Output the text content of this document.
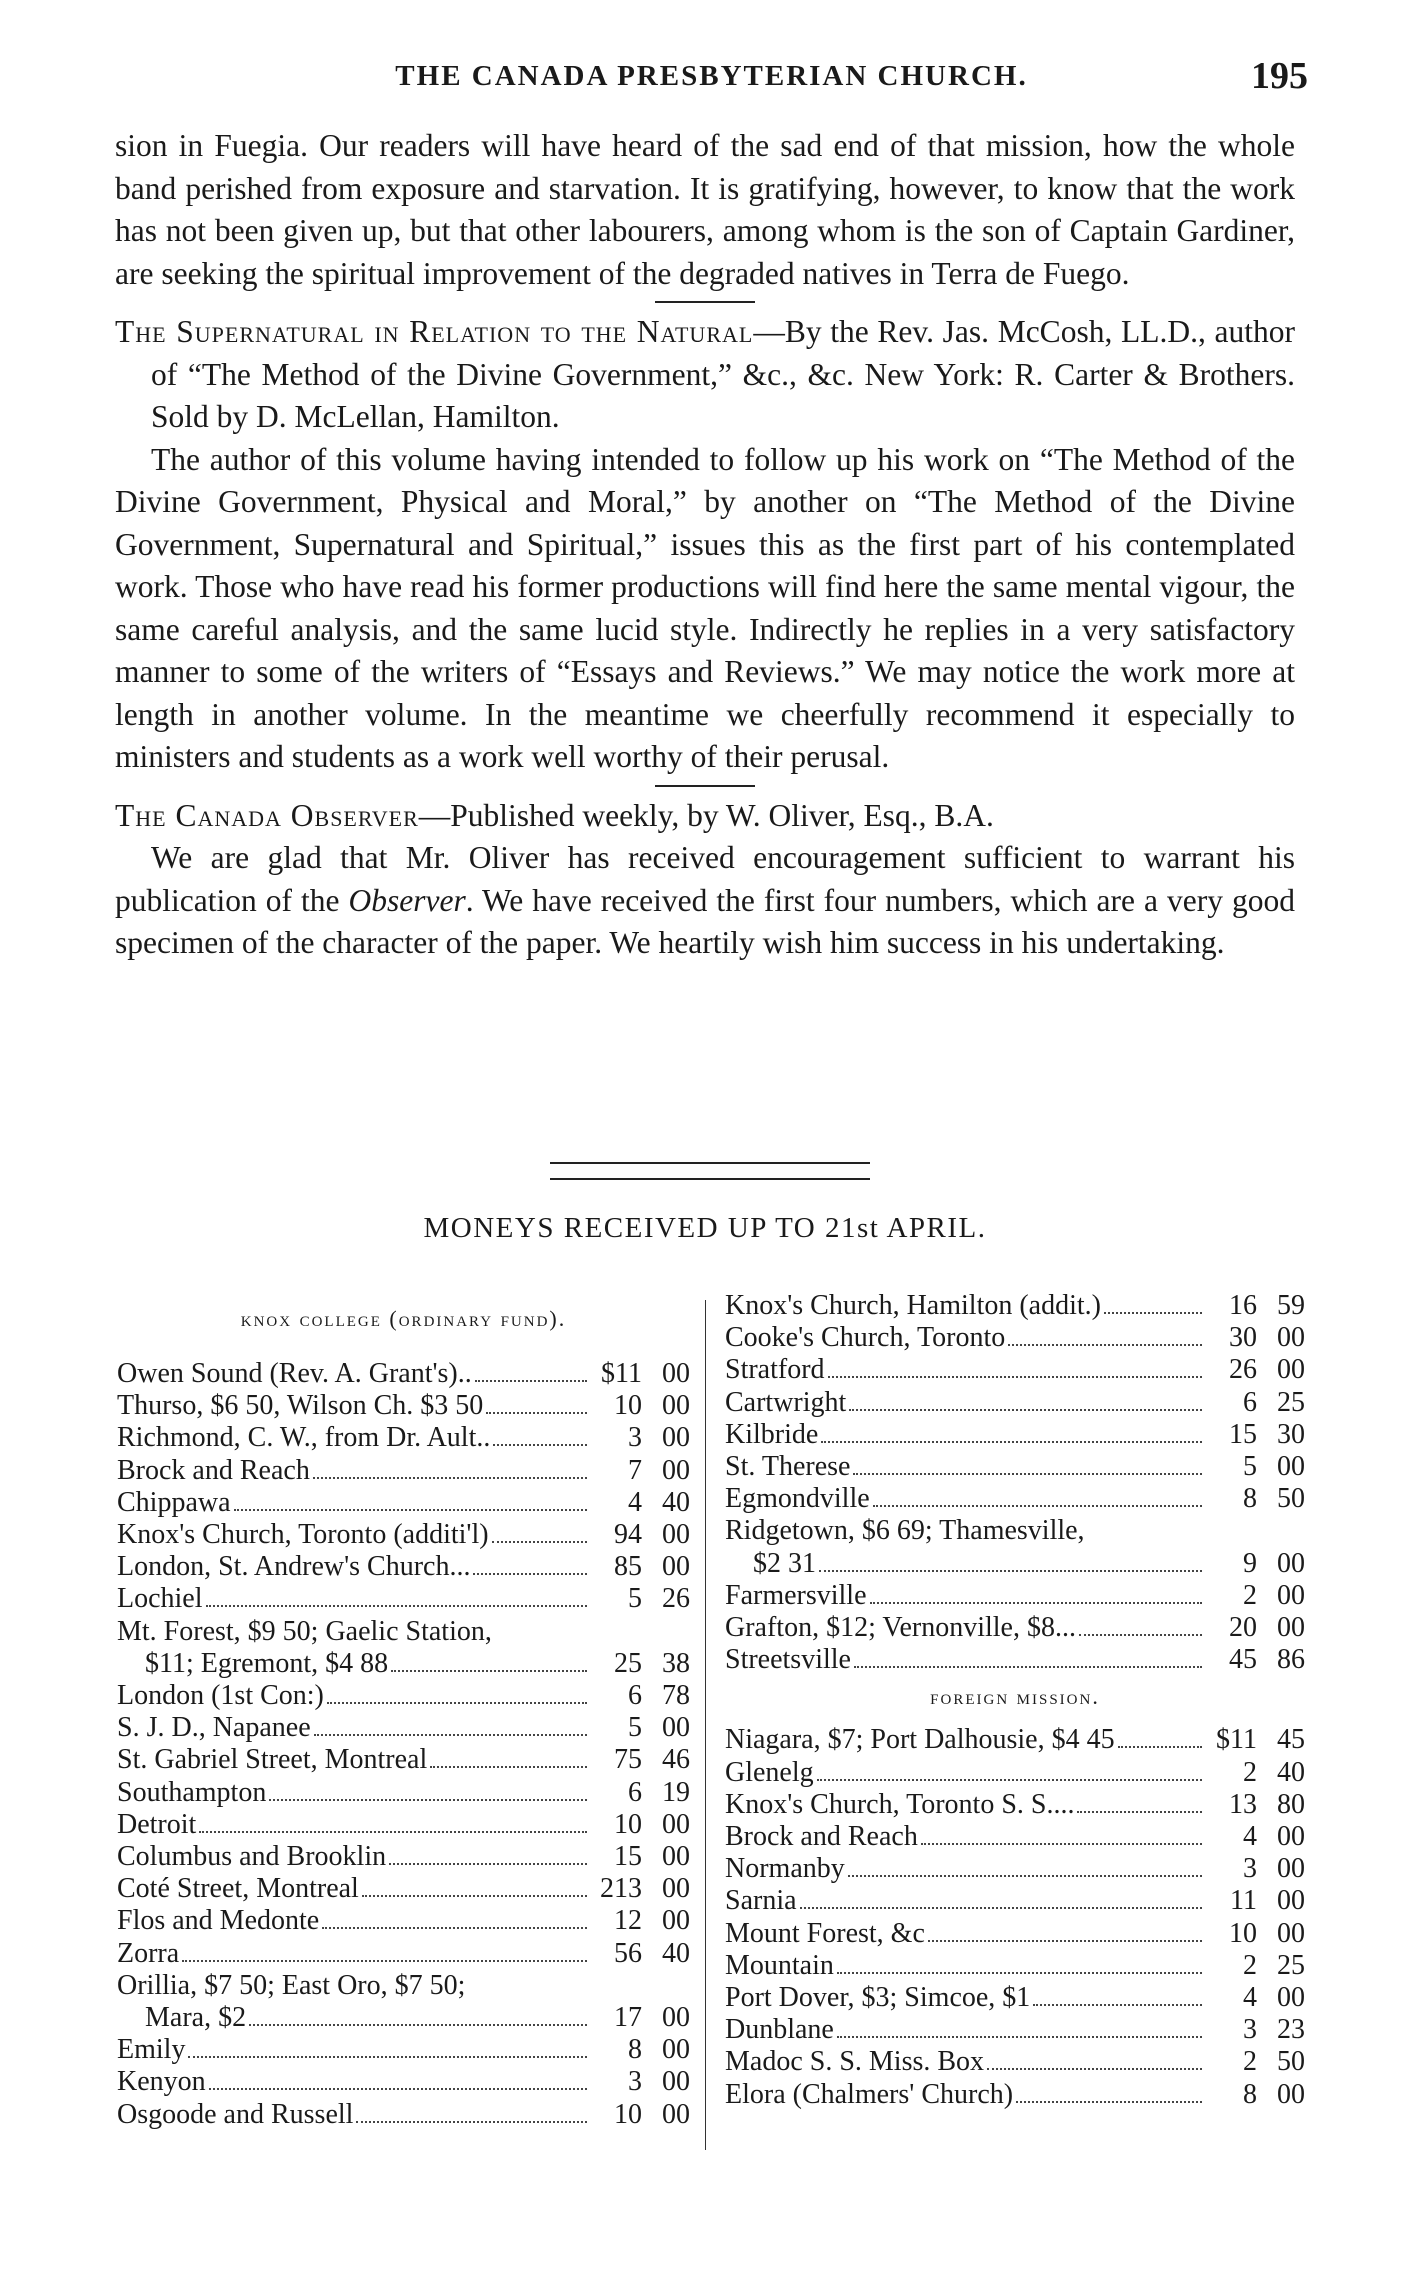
THE CANADA PRESBYTERIAN CHURCH.	195

sion in Fuegia. Our readers will have heard of the sad end of that mission, how the whole band perished from exposure and starvation. It is gratifying, however, to know that the work has not been given up, but that other labourers, among whom is the son of Captain Gardiner, are seeking the spiritual improvement of the degraded natives in Terra de Fuego.

The Supernatural in Relation to the Natural—By the Rev. Jas. McCosh, LL.D., author of “The Method of the Divine Government,” &c., &c. New York: R. Carter & Brothers. Sold by D. McLellan, Hamilton.

The author of this volume having intended to follow up his work on “The Method of the Divine Government, Physical and Moral,” by another on “The Method of the Divine Government, Supernatural and Spiritual,” issues this as the first part of his contemplated work. Those who have read his former productions will find here the same mental vigour, the same careful analysis, and the same lucid style. Indirectly he replies in a very satisfactory manner to some of the writers of “Essays and Reviews.” We may notice the work more at length in another volume. In the meantime we cheerfully recommend it especially to ministers and students as a work well worthy of their perusal.

The Canada Observer—Published weekly, by W. Oliver, Esq., B.A.

We are glad that Mr. Oliver has received encouragement sufficient to warrant his publication of the Observer. We have received the first four numbers, which are a very good specimen of the character of the paper. We heartily wish him success in his undertaking.

MONEYS RECEIVED UP TO 21st APRIL.
knox college (ordinary fund).
Owen Sound (Rev. A. Grant's)..	$11 00
Thurso, $6 50, Wilson Ch. $3 50	10 00
Richmond, C. W., from Dr. Ault..	3 00
Brock and Reach	7 00
Chippawa	4 40
Knox's Church, Toronto (additi'l)	94 00
London, St. Andrew's Church...	85 00
Lochiel	5 26
Mt. Forest, $9 50; Gaelic Station,
$11; Egremont, $4 88	25 38
London (1st Con:)	6 78
S. J. D., Napanee	5 00
St. Gabriel Street, Montreal	75 46
Southampton	6 19
Detroit	10 00
Columbus and Brooklin	15 00
Coté Street, Montreal	213 00
Flos and Medonte	12 00
Zorra	56 40
Orillia, $7 50; East Oro, $7 50;
Mara, $2	17 00
Emily	8 00
Kenyon	3 00
Osgoode and Russell	10 00
Knox's Church, Hamilton (addit.)	16 59
Cooke's Church, Toronto	30 00
Stratford	26 00
Cartwright	6 25
Kilbride	15 30
St. Therese	5 00
Egmondville	8 50
Ridgetown, $6 69; Thamesville,
$2 31	9 00
Farmersville	2 00
Grafton, $12; Vernonville, $8...	20 00
Streetsville	45 86
foreign mission.
Niagara, $7; Port Dalhousie, $4 45	$11 45
Glenelg	2 40
Knox's Church, Toronto S. S....	13 80
Brock and Reach	4 00
Normanby	3 00
Sarnia	11 00
Mount Forest, &c	10 00
Mountain	2 25
Port Dover, $3; Simcoe, $1	4 00
Dunblane	3 23
Madoc S. S. Miss. Box	2 50
Elora (Chalmers' Church)	8 00
